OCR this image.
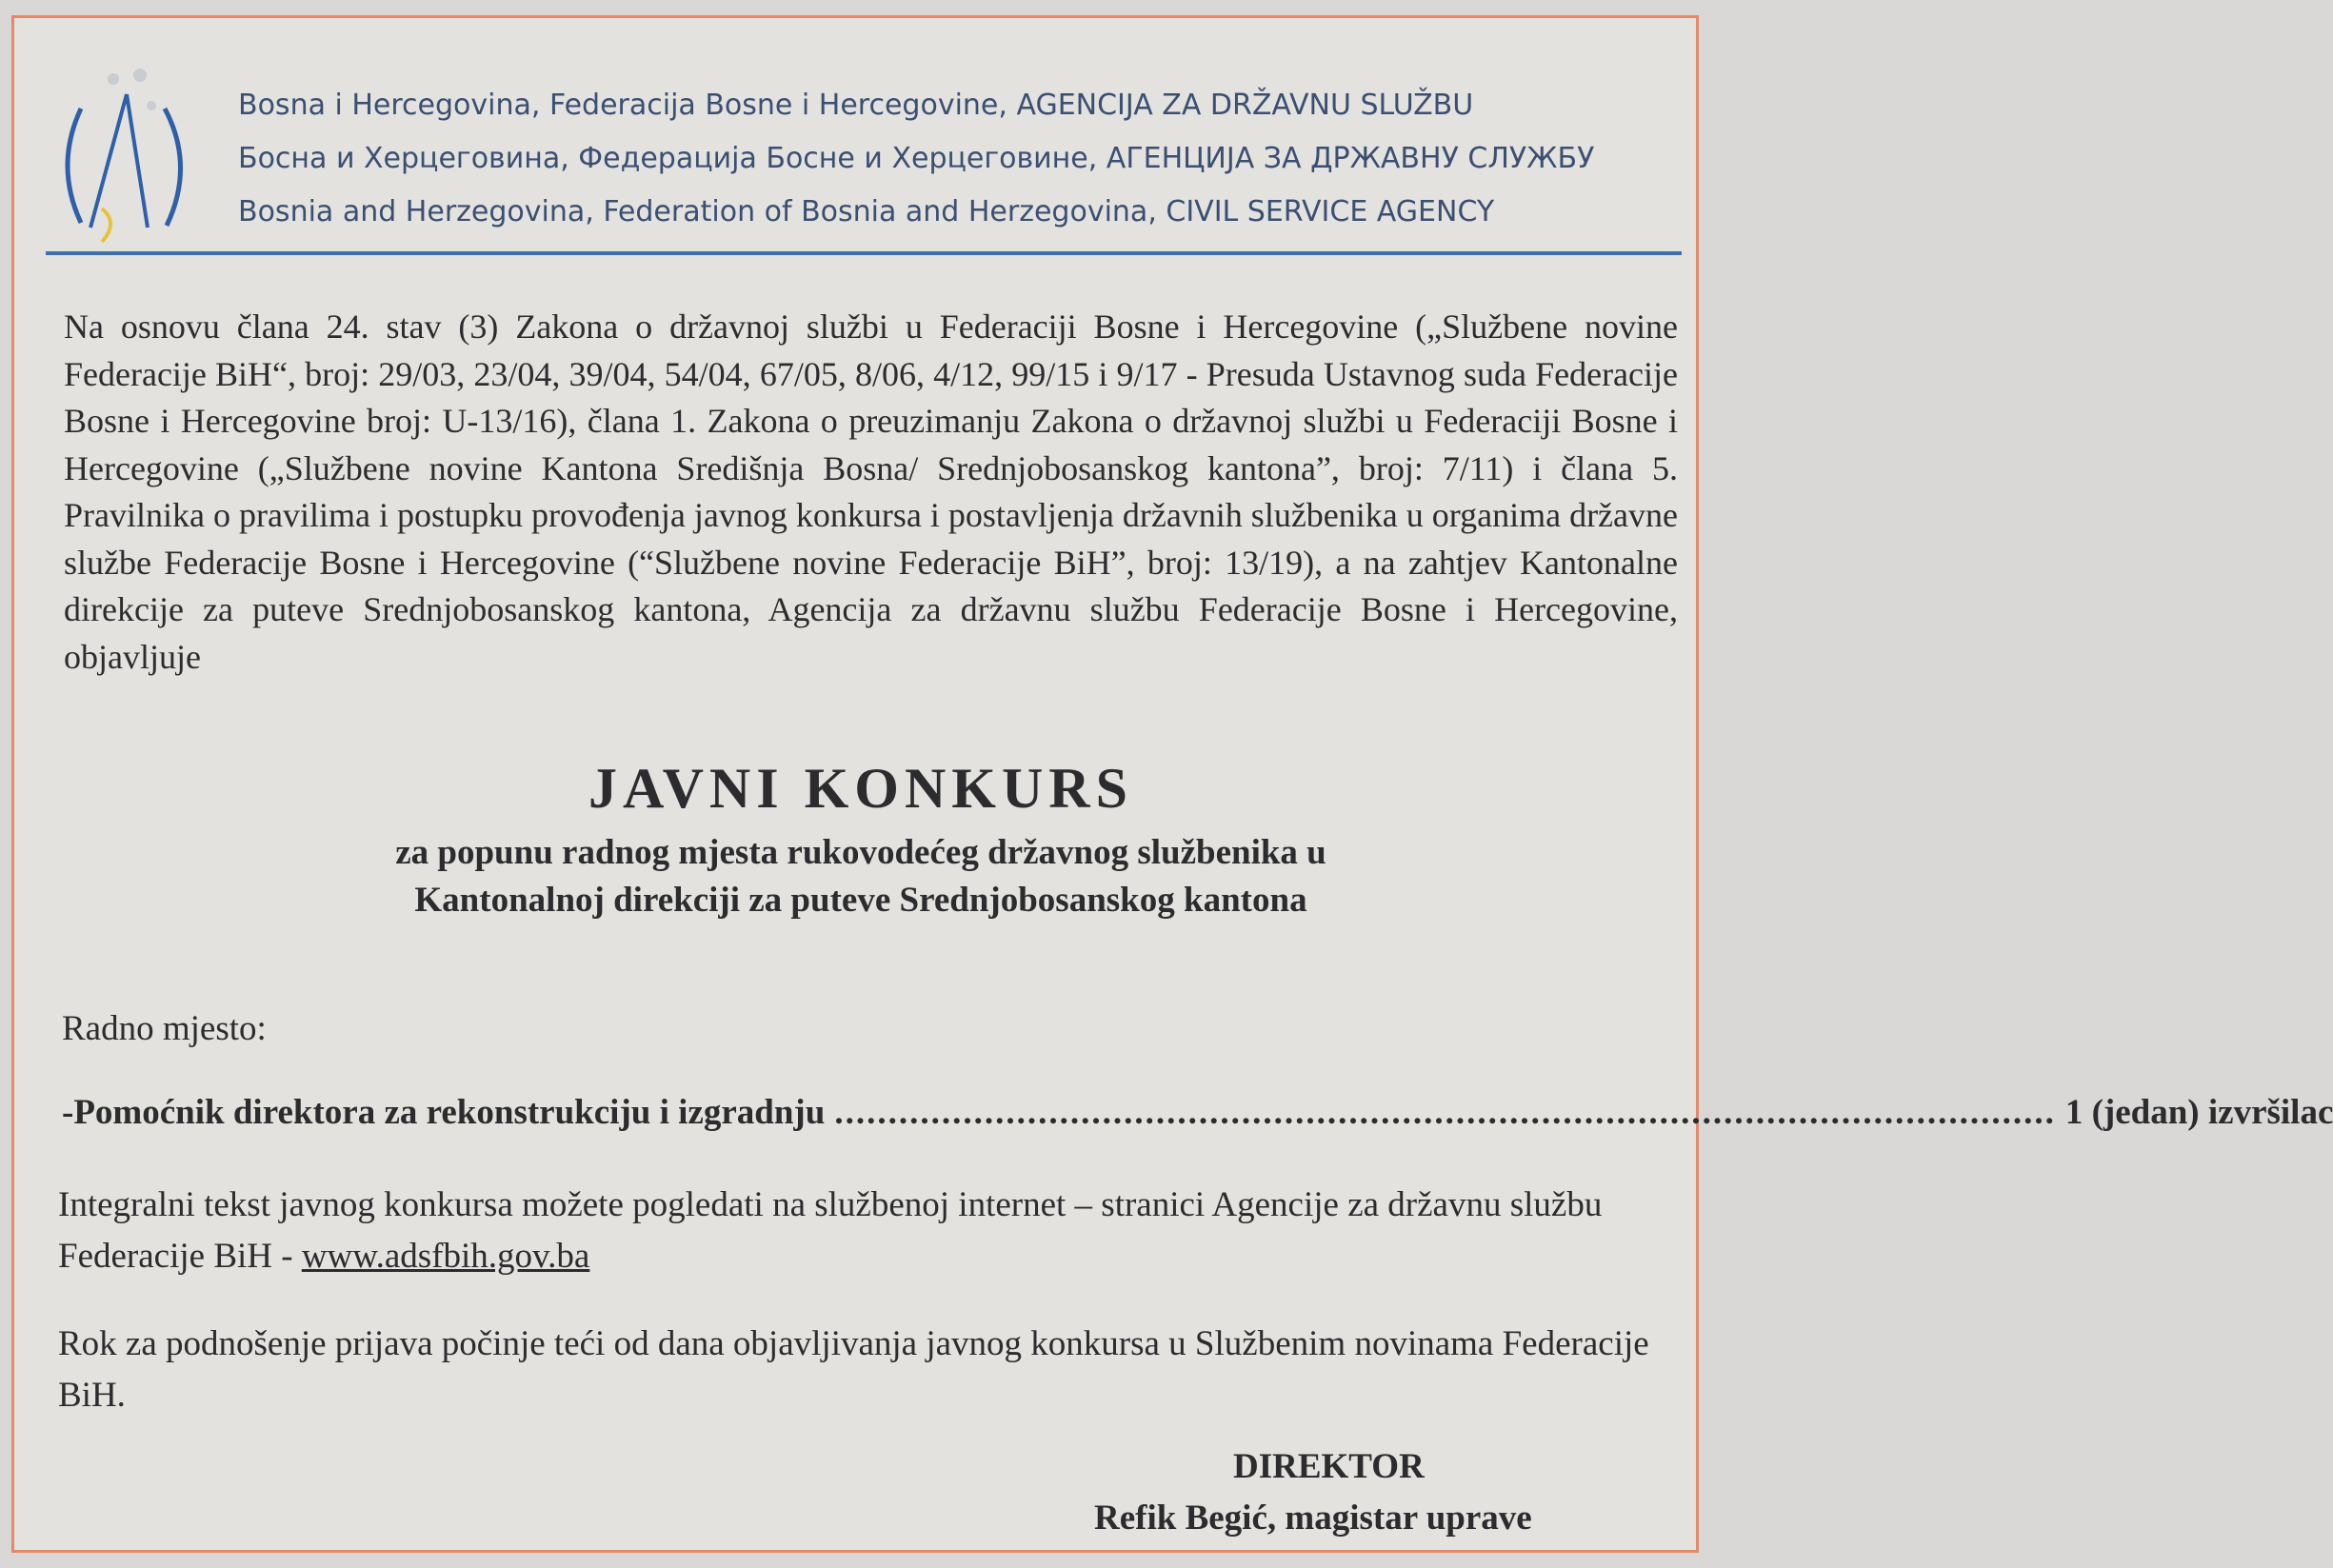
Bosna i Hercegovina, Federacija Bosne i Hercegovine, AGENCIJA ZA DRŽAVNU SLUŽBU
Босна и Херцеговина, Федерација Босне и Херцеговине, АГЕНЦИЈА ЗА ДРЖАВНУ СЛУЖБУ
Bosnia and Herzegovina, Federation of Bosnia and Herzegovina, CIVIL SERVICE AGENCY
Na osnovu člana 24. stav (3) Zakona o državnoj službi u Federaciji Bosne i Hercegovine („Službene novine Federacije BiH“, broj: 29/03, 23/04, 39/04, 54/04, 67/05, 8/06, 4/12, 99/15 i 9/17 - Presuda Ustavnog suda Federacije Bosne i Hercegovine broj: U-13/16), člana 1. Zakona o preuzimanju Zakona o državnoj službi u Federaciji Bosne i Hercegovine („Službene novine Kantona Središnja Bosna/ Srednjobosanskog kantona”, broj: 7/11) i člana 5. Pravilnika o pravilima i postupku provođenja javnog konkursa i postavljenja državnih službenika u organima državne službe Federacije Bosne i Hercegovine (“Službene novine Federacije BiH”, broj: 13/19), a na zahtjev Kantonalne direkcije za puteve Srednjobosanskog kantona, Agencija za državnu službu Federacije Bosne i Hercegovine, objavljuje
JAVNI KONKURS
za popunu radnog mjesta rukovodećeg državnog službenika u
Kantonalnoj direkciji za puteve Srednjobosanskog kantona
Radno mjesto:
- Pomoćnik direktora za rekonstrukciju i izgradnju .................................................................................................................. 1 (jedan) izvršilac
Integralni tekst javnog konkursa možete pogledati na službenoj internet – stranici Agencije za državnu službu Federacije BiH - www.adsfbih.gov.ba
Rok za podnošenje prijava počinje teći od dana objavljivanja javnog konkursa u Službenim novinama Federacije BiH.
DIREKTOR
Refik Begić, magistar uprave
